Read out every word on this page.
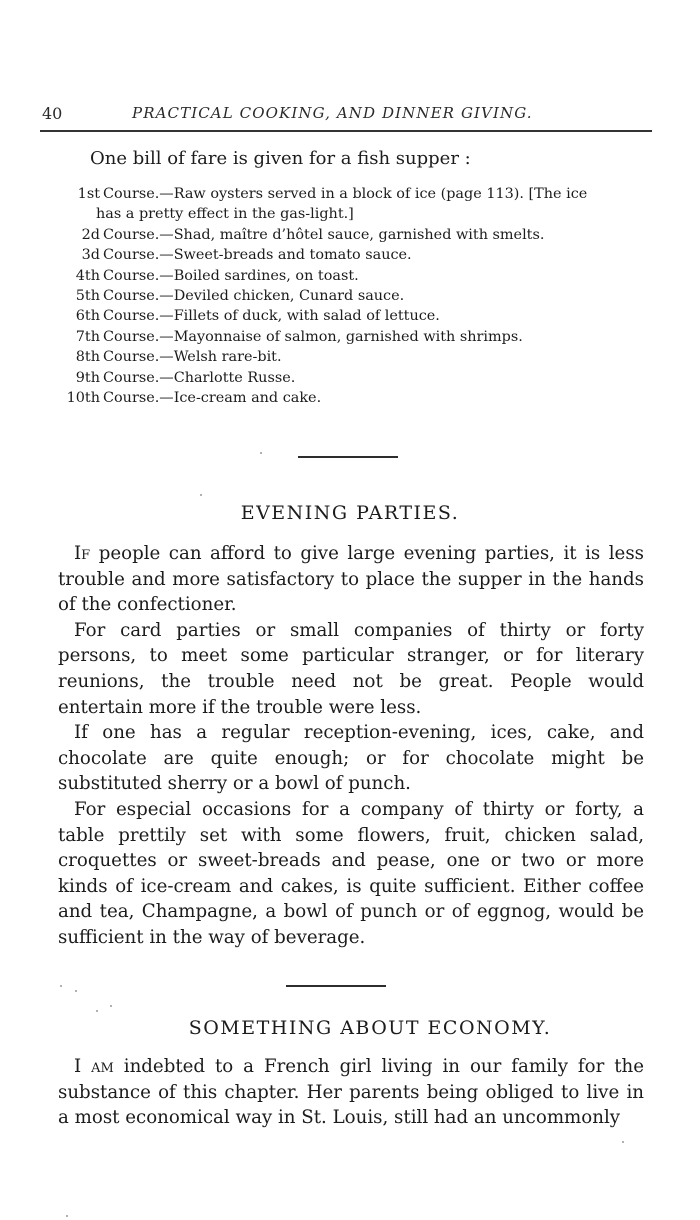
40	PRACTICAL COOKING, AND DINNER GIVING.
One bill of fare is given for a fish supper :
1st Course.—Raw oysters served in a block of ice (page 113). [The ice
has a pretty effect in the gas-light.]
2d Course.—Shad, maître d’hôtel sauce, garnished with smelts.
3d Course.—Sweet-breads and tomato sauce.
4th Course.—Boiled sardines, on toast.
5th Course.—Deviled chicken, Cunard sauce.
6th Course.—Fillets of duck, with salad of lettuce.
7th Course.—Mayonnaise of salmon, garnished with shrimps.
8th Course.—Welsh rare-bit.
9th Course.—Charlotte Russe.
10th Course.—Ice-cream and cake.
EVENING PARTIES.

If people can afford to give large evening parties, it is less trouble and more satisfactory to place the supper in the hands of the confectioner.

For card parties or small companies of thirty or forty persons, to meet some particular stranger, or for literary reunions, the trouble need not be great. People would entertain more if the trouble were less.

If one has a regular reception-evening, ices, cake, and chocolate are quite enough; or for chocolate might be substituted sherry or a bowl of punch.

For especial occasions for a company of thirty or forty, a table prettily set with some flowers, fruit, chicken salad, croquettes or sweet-breads and pease, one or two or more kinds of ice-cream and cakes, is quite sufficient. Either coffee and tea, Champagne, a bowl of punch or of eggnog, would be sufficient in the way of beverage.

SOMETHING ABOUT ECONOMY.

I am indebted to a French girl living in our family for the substance of this chapter. Her parents being obliged to live in a most economical way in St. Louis, still had an uncommonly
